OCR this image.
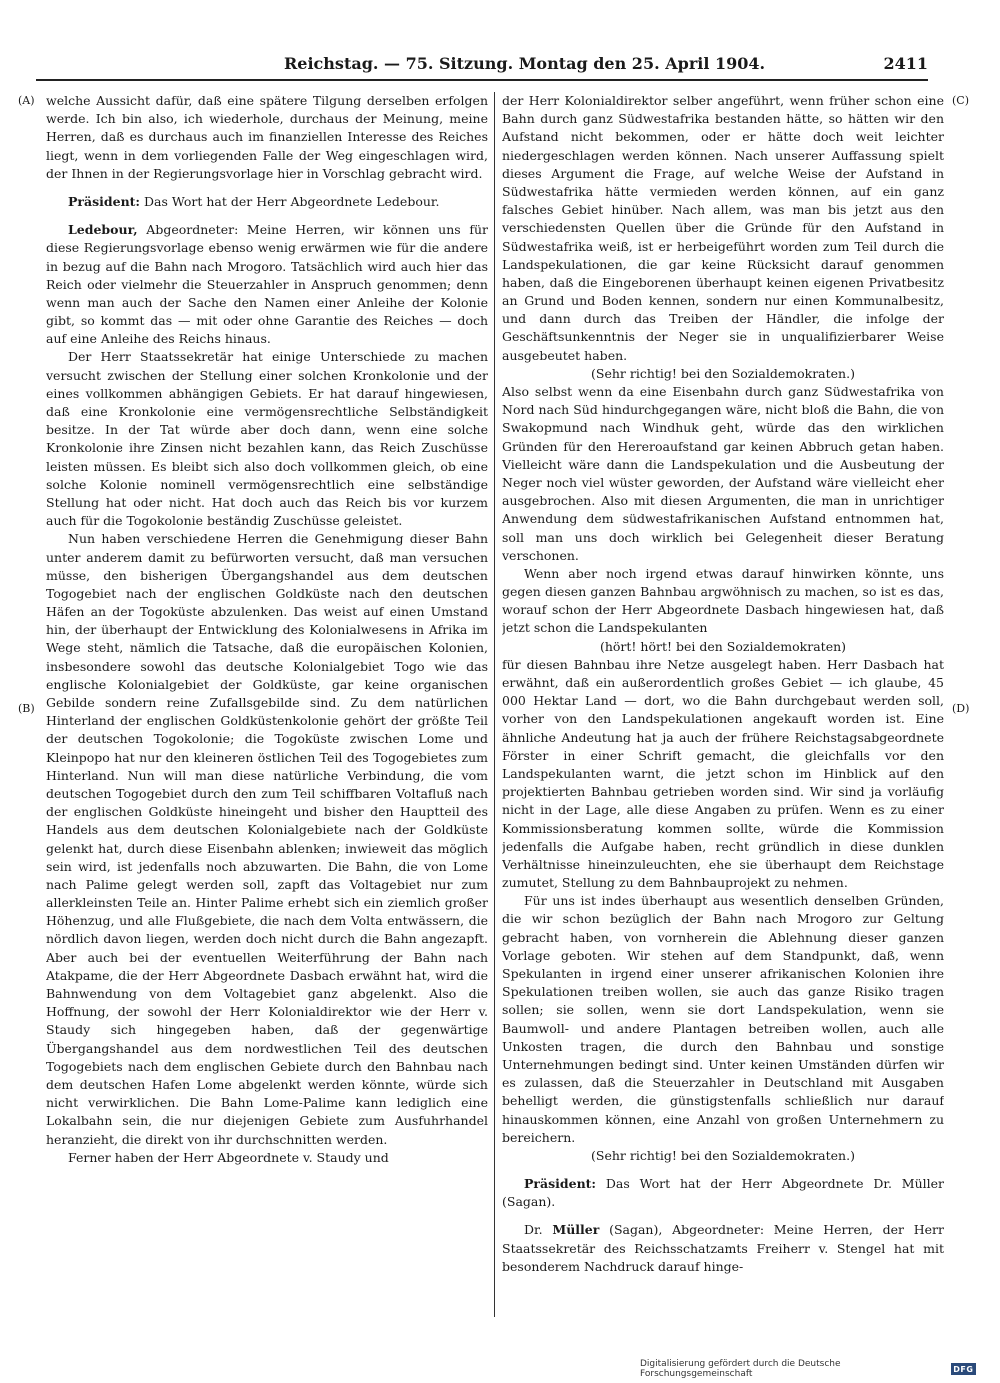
Reichstag. — 75. Sitzung. Montag den 25. April 1904.	2411
(A)
(B)
(C)
(D)

welche Aussicht dafür, daß eine spätere Tilgung derselben erfolgen werde. Ich bin also, ich wiederhole, durchaus der Meinung, meine Herren, daß es durchaus auch im finanziellen Interesse des Reiches liegt, wenn in dem vorliegenden Falle der Weg eingeschlagen wird, der Ihnen in der Regierungsvorlage hier in Vorschlag gebracht wird.

Präsident: Das Wort hat der Herr Abgeordnete Ledebour.

Ledebour, Abgeordneter: Meine Herren, wir können uns für diese Regierungsvorlage ebenso wenig erwärmen wie für die andere in bezug auf die Bahn nach Mrogoro. Tatsächlich wird auch hier das Reich oder vielmehr die Steuerzahler in Anspruch genommen; denn wenn man auch der Sache den Namen einer Anleihe der Kolonie gibt, so kommt das — mit oder ohne Garantie des Reiches — doch auf eine Anleihe des Reichs hinaus.

Der Herr Staatssekretär hat einige Unterschiede zu machen versucht zwischen der Stellung einer solchen Kronkolonie und der eines vollkommen abhängigen Gebiets. Er hat darauf hingewiesen, daß eine Kronkolonie eine vermögensrechtliche Selbständigkeit besitze. In der Tat würde aber doch dann, wenn eine solche Kronkolonie ihre Zinsen nicht bezahlen kann, das Reich Zuschüsse leisten müssen. Es bleibt sich also doch vollkommen gleich, ob eine solche Kolonie nominell vermögensrechtlich eine selbständige Stellung hat oder nicht. Hat doch auch das Reich bis vor kurzem auch für die Togokolonie beständig Zuschüsse geleistet.

Nun haben verschiedene Herren die Genehmigung dieser Bahn unter anderem damit zu befürworten versucht, daß man versuchen müsse, den bisherigen Übergangshandel aus dem deutschen Togogebiet nach der englischen Goldküste nach den deutschen Häfen an der Togoküste abzulenken. Das weist auf einen Umstand hin, der überhaupt der Entwicklung des Kolonialwesens in Afrika im Wege steht, nämlich die Tatsache, daß die europäischen Kolonien, insbesondere sowohl das deutsche Kolonialgebiet Togo wie das englische Kolonialgebiet der Goldküste, gar keine organischen Gebilde sondern reine Zufallsgebilde sind. Zu dem natürlichen Hinterland der englischen Goldküstenkolonie gehört der größte Teil der deutschen Togokolonie; die Togoküste zwischen Lome und Kleinpopo hat nur den kleineren östlichen Teil des Togogebietes zum Hinterland. Nun will man diese natürliche Verbindung, die vom deutschen Togogebiet durch den zum Teil schiffbaren Voltafluß nach der englischen Goldküste hineingeht und bisher den Hauptteil des Handels aus dem deutschen Kolonialgebiete nach der Goldküste gelenkt hat, durch diese Eisenbahn ablenken; inwieweit das möglich sein wird, ist jedenfalls noch abzuwarten. Die Bahn, die von Lome nach Palime gelegt werden soll, zapft das Voltagebiet nur zum allerkleinsten Teile an. Hinter Palime erhebt sich ein ziemlich großer Höhenzug, und alle Flußgebiete, die nach dem Volta entwässern, die nördlich davon liegen, werden doch nicht durch die Bahn angezapft. Aber auch bei der eventuellen Weiterführung der Bahn nach Atakpame, die der Herr Abgeordnete Dasbach erwähnt hat, wird die Bahnwendung von dem Voltagebiet ganz abgelenkt. Also die Hoffnung, der sowohl der Herr Kolonialdirektor wie der Herr v. Staudy sich hingegeben haben, daß der gegenwärtige Übergangshandel aus dem nordwestlichen Teil des deutschen Togogebiets nach dem englischen Gebiete durch den Bahnbau nach dem deutschen Hafen Lome abgelenkt werden könnte, würde sich nicht verwirklichen. Die Bahn Lome-Palime kann lediglich eine Lokalbahn sein, die nur diejenigen Gebiete zum Ausfuhrhandel heranzieht, die direkt von ihr durchschnitten werden.

Ferner haben der Herr Abgeordnete v. Staudy und

der Herr Kolonialdirektor selber angeführt, wenn früher schon eine Bahn durch ganz Südwestafrika bestanden hätte, so hätten wir den Aufstand nicht bekommen, oder er hätte doch weit leichter niedergeschlagen werden können. Nach unserer Auffassung spielt dieses Argument die Frage, auf welche Weise der Aufstand in Südwestafrika hätte vermieden werden können, auf ein ganz falsches Gebiet hinüber. Nach allem, was man bis jetzt aus den verschiedensten Quellen über die Gründe für den Aufstand in Südwestafrika weiß, ist er herbeigeführt worden zum Teil durch die Landspekulationen, die gar keine Rücksicht darauf genommen haben, daß die Eingeborenen überhaupt keinen eigenen Privatbesitz an Grund und Boden kennen, sondern nur einen Kommunalbesitz, und dann durch das Treiben der Händler, die infolge der Geschäftsunkenntnis der Neger sie in unqualifizierbarer Weise ausgebeutet haben.

(Sehr richtig! bei den Sozialdemokraten.)

Also selbst wenn da eine Eisenbahn durch ganz Südwestafrika von Nord nach Süd hindurchgegangen wäre, nicht bloß die Bahn, die von Swakopmund nach Windhuk geht, würde das den wirklichen Gründen für den Hereroaufstand gar keinen Abbruch getan haben. Vielleicht wäre dann die Landspekulation und die Ausbeutung der Neger noch viel wüster geworden, der Aufstand wäre vielleicht eher ausgebrochen. Also mit diesen Argumenten, die man in unrichtiger Anwendung dem südwestafrikanischen Aufstand entnommen hat, soll man uns doch wirklich bei Gelegenheit dieser Beratung verschonen.

Wenn aber noch irgend etwas darauf hinwirken könnte, uns gegen diesen ganzen Bahnbau argwöhnisch zu machen, so ist es das, worauf schon der Herr Abgeordnete Dasbach hingewiesen hat, daß jetzt schon die Landspekulanten

(hört! hört! bei den Sozialdemokraten)

für diesen Bahnbau ihre Netze ausgelegt haben. Herr Dasbach hat erwähnt, daß ein außerordentlich großes Gebiet — ich glaube, 45 000 Hektar Land — dort, wo die Bahn durchgebaut werden soll, vorher von den Landspekulationen angekauft worden ist. Eine ähnliche Andeutung hat ja auch der frühere Reichstagsabgeordnete Förster in einer Schrift gemacht, die gleichfalls vor den Landspekulanten warnt, die jetzt schon im Hinblick auf den projektierten Bahnbau getrieben worden sind. Wir sind ja vorläufig nicht in der Lage, alle diese Angaben zu prüfen. Wenn es zu einer Kommissionsberatung kommen sollte, würde die Kommission jedenfalls die Aufgabe haben, recht gründlich in diese dunklen Verhältnisse hineinzuleuchten, ehe sie überhaupt dem Reichstage zumutet, Stellung zu dem Bahnbauprojekt zu nehmen.

Für uns ist indes überhaupt aus wesentlich denselben Gründen, die wir schon bezüglich der Bahn nach Mrogoro zur Geltung gebracht haben, von vornherein die Ablehnung dieser ganzen Vorlage geboten. Wir stehen auf dem Standpunkt, daß, wenn Spekulanten in irgend einer unserer afrikanischen Kolonien ihre Spekulationen treiben wollen, sie auch das ganze Risiko tragen sollen; sie sollen, wenn sie dort Landspekulation, wenn sie Baumwoll- und andere Plantagen betreiben wollen, auch alle Unkosten tragen, die durch den Bahnbau und sonstige Unternehmungen bedingt sind. Unter keinen Umständen dürfen wir es zulassen, daß die Steuerzahler in Deutschland mit Ausgaben behelligt werden, die günstigstenfalls schließlich nur darauf hinauskommen können, eine Anzahl von großen Unternehmern zu bereichern.

(Sehr richtig! bei den Sozialdemokraten.)

Präsident: Das Wort hat der Herr Abgeordnete Dr. Müller (Sagan).

Dr. Müller (Sagan), Abgeordneter: Meine Herren, der Herr Staatssekretär des Reichsschatzamts Freiherr v. Stengel hat mit besonderem Nachdruck darauf hinge-

Digitalisierung gefördert durch die Deutsche Forschungsgemeinschaft	DFG
